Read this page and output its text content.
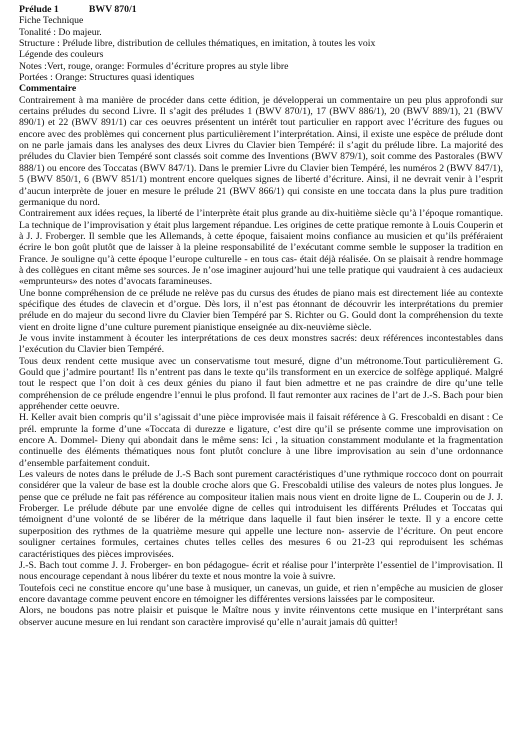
Prélude 1	BWV 870/1
Fiche Technique
Tonalité : Do majeur.
Structure : Prélude libre, distribution de cellules thématiques, en imitation, à toutes les voix
Légende des couleurs
Notes :Vert, rouge, orange: Formules d’écriture propres au style libre
Portées : Orange: Structures quasi identiques
Commentaire

Contrairement à ma manière de procéder dans cette édition, je développerai un commentaire un peu plus approfondi sur certains préludes du second Livre. Il s’agit des préludes 1 (BWV 870/1), 17 (BWV 886/1), 20 (BWV 889/1), 21 (BWV 890/1) et 22 (BWV 891/1) car ces oeuvres présentent un intérêt tout particulier en rapport avec l’écriture des fugues ou encore avec des problèmes qui concernent plus particulièrement l’interprétation. Ainsi, il existe une espèce de prélude dont on ne parle jamais dans les analyses des deux Livres du Clavier bien Tempéré: il s’agit du prélude libre. La majorité des préludes du Clavier bien Tempéré sont classés soit comme des Inventions (BWV 879/1), soit comme des Pastorales (BWV 888/1) ou encore des Toccatas (BWV 847/1). Dans le premier Livre du Clavier bien Tempéré, les numéros 2 (BWV 847/1), 5 (BWV 850/1, 6 (BWV 851/1) montrent encore quelques signes de liberté d’écriture. Ainsi, il ne devrait venir à l’esprit d’aucun interprète de jouer en mesure le prélude 21 (BWV 866/1) qui consiste en une toccata dans la plus pure tradition germanique du nord.

Contrairement aux idées reçues, la liberté de l’interprète était plus grande au dix-huitième siècle qu’à l’époque romantique. La technique de l’improvisation y était plus largement répandue. Les origines de cette pratique remonte à Louis Couperin et à J. J. Froberger. Il semble que les Allemands, à cette époque, faisaient moins confiance au musicien et qu’ils préféraient écrire le bon goût plutôt que de laisser à la pleine responsabilité de l’exécutant comme semble le supposer la tradition en France. Je souligne qu’à cette époque l’europe culturelle - en tous cas- était déjà réalisée. On se plaisait à rendre hommage à des collègues en citant même ses sources. Je n’ose imaginer aujourd’hui une telle pratique qui vaudraient à ces audacieux «emprunteurs» des notes d’avocats faramineuses.

Une bonne compréhension de ce prélude ne relève pas du cursus des études de piano mais est directement liée au contexte spécifique des études de clavecin et d’orgue. Dès lors, il n’est pas étonnant de découvrir les interprétations du premier prélude en do majeur du second livre du Clavier bien Tempéré par S. Richter ou G. Gould dont la compréhension du texte vient en droite ligne d’une culture purement pianistique enseignée au dix-neuvième siècle.

Je vous invite instamment à écouter les interprétations de ces deux monstres sacrés: deux références incontestables dans l’exécution du Clavier bien Tempéré.

Tous deux rendent cette musique avec un conservatisme tout mesuré, digne d’un métronome.Tout particulièrement G. Gould que j’admire pourtant! Ils n’entrent pas dans le texte qu’ils transforment en un exercice de solfège appliqué. Malgré tout le respect que l’on doit à ces deux génies du piano il faut bien admettre et ne pas craindre de dire qu’une telle compréhension de ce prélude engendre l’ennui le plus profond. Il faut remonter aux racines de l’art de J.-S. Bach pour bien appréhender cette oeuvre.

H. Keller avait bien compris qu’il s’agissait d’une pièce improvisée mais il faisait référence à G. Frescobaldi en disant : Ce prél. emprunte la forme d’une «Toccata di durezze e ligature, c’est dire qu’il se présente comme une improvisation on encore A. Dommel- Dieny qui abondait dans le même sens: Ici , la situation constamment modulante et la fragmentation continuelle des éléments thématiques nous font plutôt conclure à une libre improvisation au sein d’une ordonnance d’ensemble parfaitement conduit.

Les valeurs de notes dans le prélude de J.-S Bach sont purement caractéristiques d’une rythmique roccoco dont on pourrait considérer que la valeur de base est la double croche alors que G. Frescobaldi utilise des valeurs de notes plus longues. Je pense que ce prélude ne fait pas référence au compositeur italien mais nous vient en droite ligne de L. Couperin ou de J. J. Froberger. Le prélude débute par une envolée digne de celles qui introduisent les différents Préludes et Toccatas qui témoignent d’une volonté de se libérer de la métrique dans laquelle il faut bien insérer le texte. Il y a encore cette superposition des rythmes de la quatrième mesure qui appelle une lecture non- asservie de l’écriture. On peut encore souligner certaines formules, certaines chutes telles celles des mesures 6 ou 21-23 qui reproduisent les schémas caractéristiques des pièces improvisées.

J.-S. Bach tout comme J. J. Froberger- en bon pédagogue- écrit et réalise pour l’interprète l’essentiel de l’improvisation. Il nous encourage cependant à nous libérer du texte et nous montre la voie à suivre.

Toutefois ceci ne constitue encore qu’une base à musiquer, un canevas, un guide, et rien n’empêche au musicien de gloser encore davantage comme peuvent encore en témoigner les différentes versions laissées par le compositeur.

Alors, ne boudons pas notre plaisir et puisque le Maître nous y invite réinventons cette musique en l’interprétant sans observer aucune mesure en lui rendant son caractère improvisé qu’elle n’aurait jamais dû quitter!
